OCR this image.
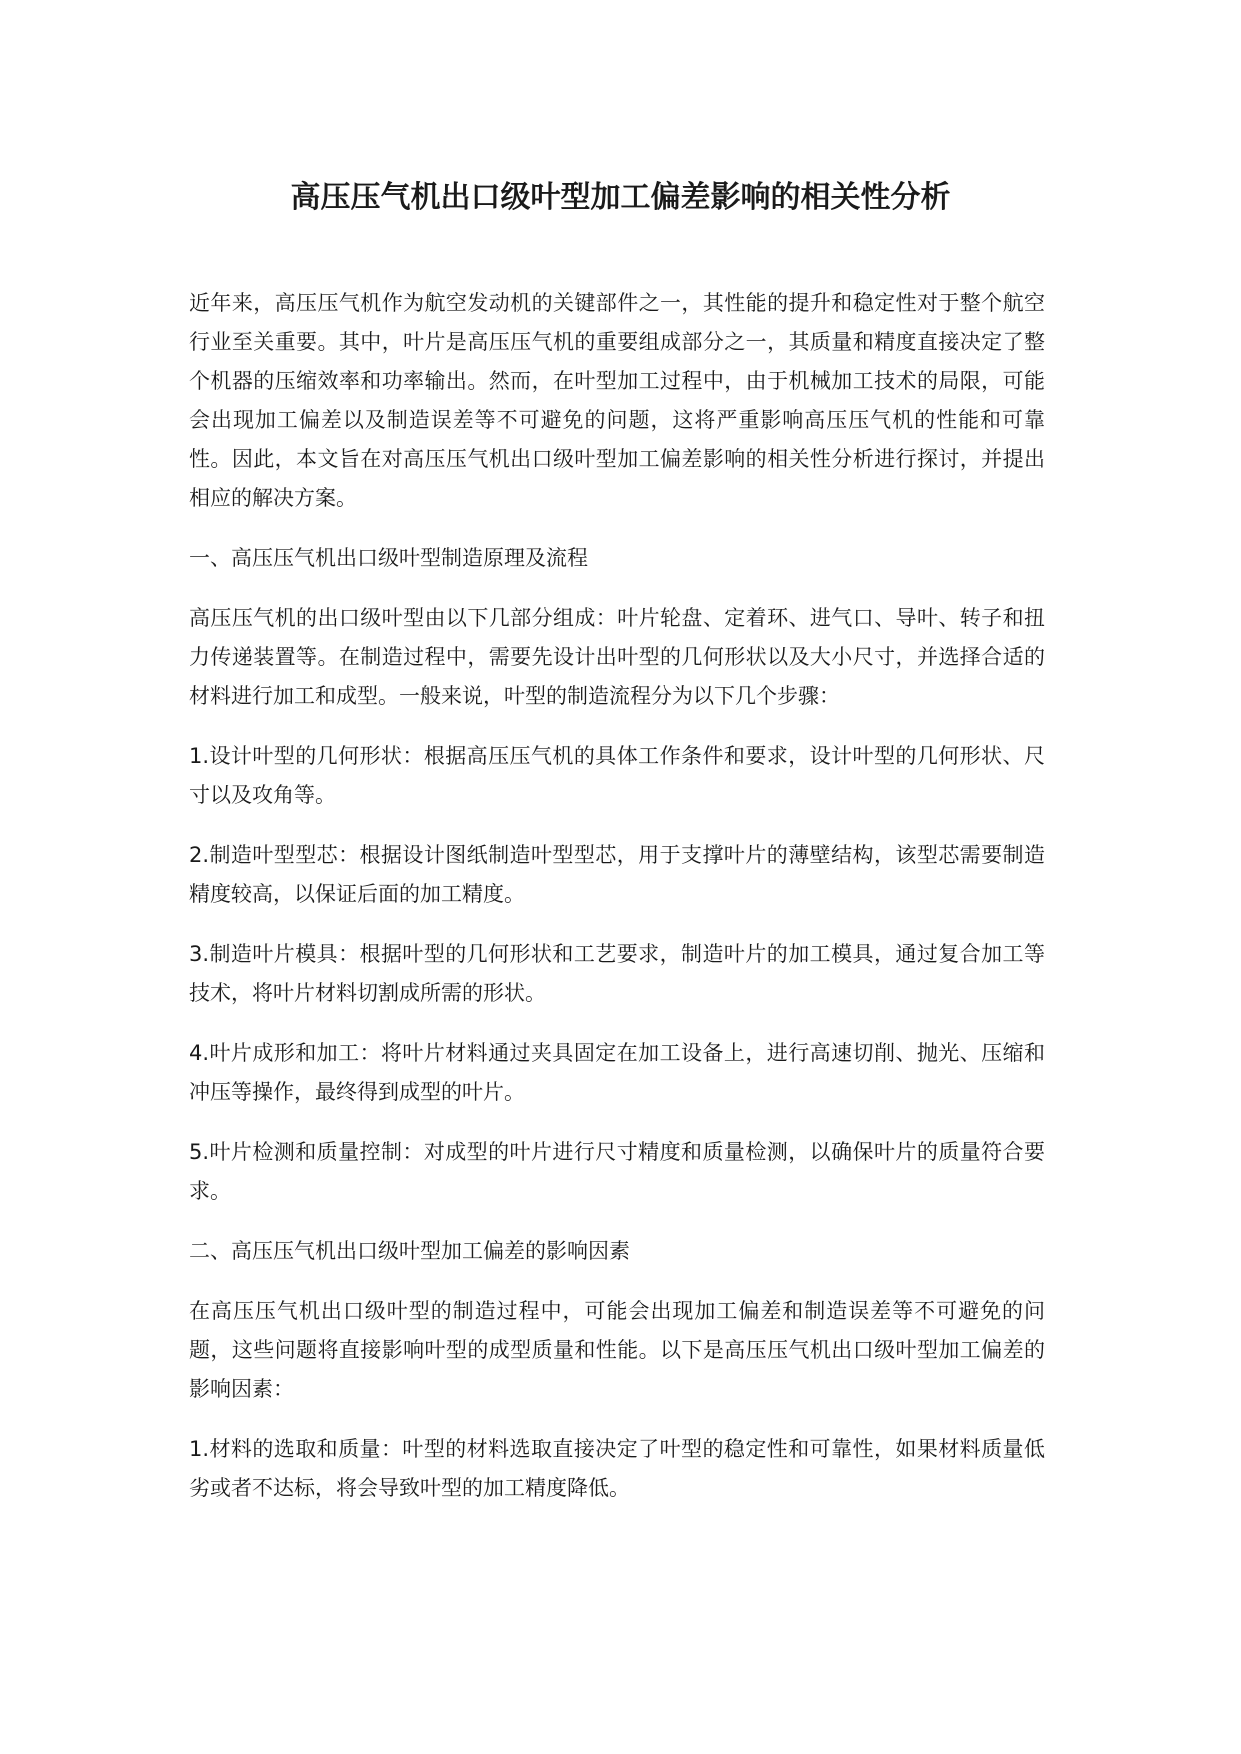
高压压气机出口级叶型加工偏差影响的相关性分析

近年来，高压压气机作为航空发动机的关键部件之一，其性能的提升和稳定性对于整个航空行业至关重要。其中，叶片是高压压气机的重要组成部分之一，其质量和精度直接决定了整个机器的压缩效率和功率输出。然而，在叶型加工过程中，由于机械加工技术的局限，可能会出现加工偏差以及制造误差等不可避免的问题，这将严重影响高压压气机的性能和可靠性。因此，本文旨在对高压压气机出口级叶型加工偏差影响的相关性分析进行探讨，并提出相应的解决方案。

一、高压压气机出口级叶型制造原理及流程

高压压气机的出口级叶型由以下几部分组成：叶片轮盘、定着环、进气口、导叶、转子和扭力传递装置等。在制造过程中，需要先设计出叶型的几何形状以及大小尺寸，并选择合适的材料进行加工和成型。一般来说，叶型的制造流程分为以下几个步骤：

1.设计叶型的几何形状：根据高压压气机的具体工作条件和要求，设计叶型的几何形状、尺寸以及攻角等。

2.制造叶型型芯：根据设计图纸制造叶型型芯，用于支撑叶片的薄壁结构，该型芯需要制造精度较高，以保证后面的加工精度。

3.制造叶片模具：根据叶型的几何形状和工艺要求，制造叶片的加工模具，通过复合加工等技术，将叶片材料切割成所需的形状。

4.叶片成形和加工：将叶片材料通过夹具固定在加工设备上，进行高速切削、抛光、压缩和冲压等操作，最终得到成型的叶片。

5.叶片检测和质量控制：对成型的叶片进行尺寸精度和质量检测，以确保叶片的质量符合要求。

二、高压压气机出口级叶型加工偏差的影响因素

在高压压气机出口级叶型的制造过程中，可能会出现加工偏差和制造误差等不可避免的问题，这些问题将直接影响叶型的成型质量和性能。以下是高压压气机出口级叶型加工偏差的影响因素：

1.材料的选取和质量：叶型的材料选取直接决定了叶型的稳定性和可靠性，如果材料质量低劣或者不达标，将会导致叶型的加工精度降低。
